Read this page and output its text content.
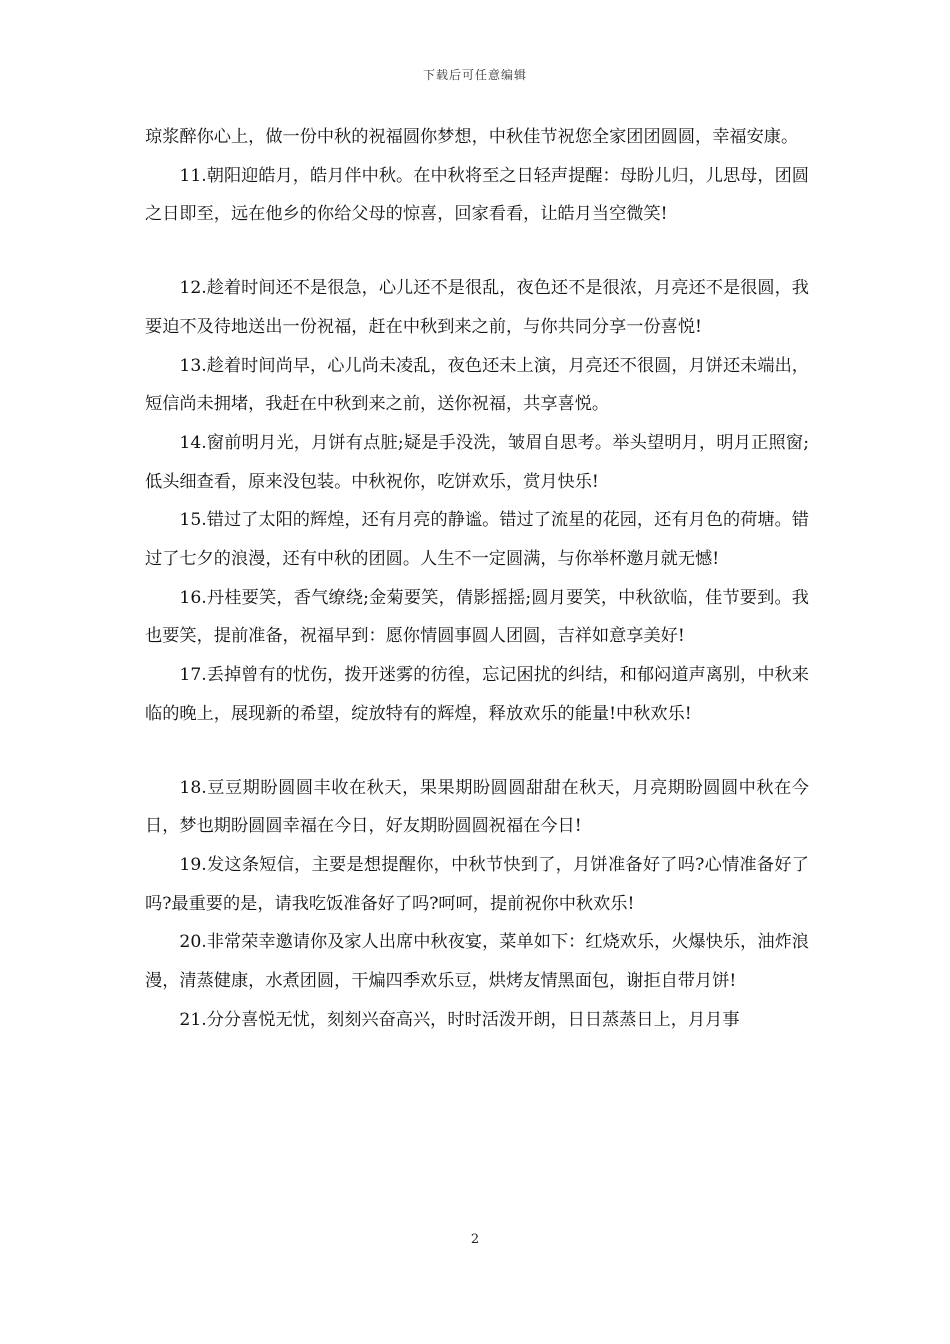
下载后可任意编辑

琼浆醉你心上，做一份中秋的祝福圆你梦想，中秋佳节祝您全家团团圆圆，幸福安康。

11.朝阳迎皓月，皓月伴中秋。在中秋将至之日轻声提醒：母盼儿归，儿思母，团圆之日即至，远在他乡的你给父母的惊喜，回家看看，让皓月当空微笑!

12.趁着时间还不是很急，心儿还不是很乱，夜色还不是很浓，月亮还不是很圆，我要迫不及待地送出一份祝福，赶在中秋到来之前，与你共同分享一份喜悦!

13.趁着时间尚早，心儿尚未凌乱，夜色还未上演，月亮还不很圆，月饼还未端出，短信尚未拥堵，我赶在中秋到来之前，送你祝福，共享喜悦。

14.窗前明月光，月饼有点脏;疑是手没洗，皱眉自思考。举头望明月，明月正照窗;低头细查看，原来没包装。中秋祝你，吃饼欢乐，赏月快乐!

15.错过了太阳的辉煌，还有月亮的静谧。错过了流星的花园，还有月色的荷塘。错过了七夕的浪漫，还有中秋的团圆。人生不一定圆满，与你举杯邀月就无憾!

16.丹桂要笑，香气缭绕;金菊要笑，倩影摇摇;圆月要笑，中秋欲临，佳节要到。我也要笑，提前准备，祝福早到：愿你情圆事圆人团圆，吉祥如意享美好!

17.丢掉曾有的忧伤，拨开迷雾的彷徨，忘记困扰的纠结，和郁闷道声离别，中秋来临的晚上，展现新的希望，绽放特有的辉煌，释放欢乐的能量!中秋欢乐!

18.豆豆期盼圆圆丰收在秋天，果果期盼圆圆甜甜在秋天，月亮期盼圆圆中秋在今日，梦也期盼圆圆幸福在今日，好友期盼圆圆祝福在今日!

19.发这条短信，主要是想提醒你，中秋节快到了，月饼准备好了吗?心情准备好了吗?最重要的是，请我吃饭准备好了吗?呵呵，提前祝你中秋欢乐!

20.非常荣幸邀请你及家人出席中秋夜宴，菜单如下：红烧欢乐，火爆快乐，油炸浪漫，清蒸健康，水煮团圆，干煸四季欢乐豆，烘烤友情黑面包，谢拒自带月饼!

21.分分喜悦无忧，刻刻兴奋高兴，时时活泼开朗，日日蒸蒸日上，月月事

2
